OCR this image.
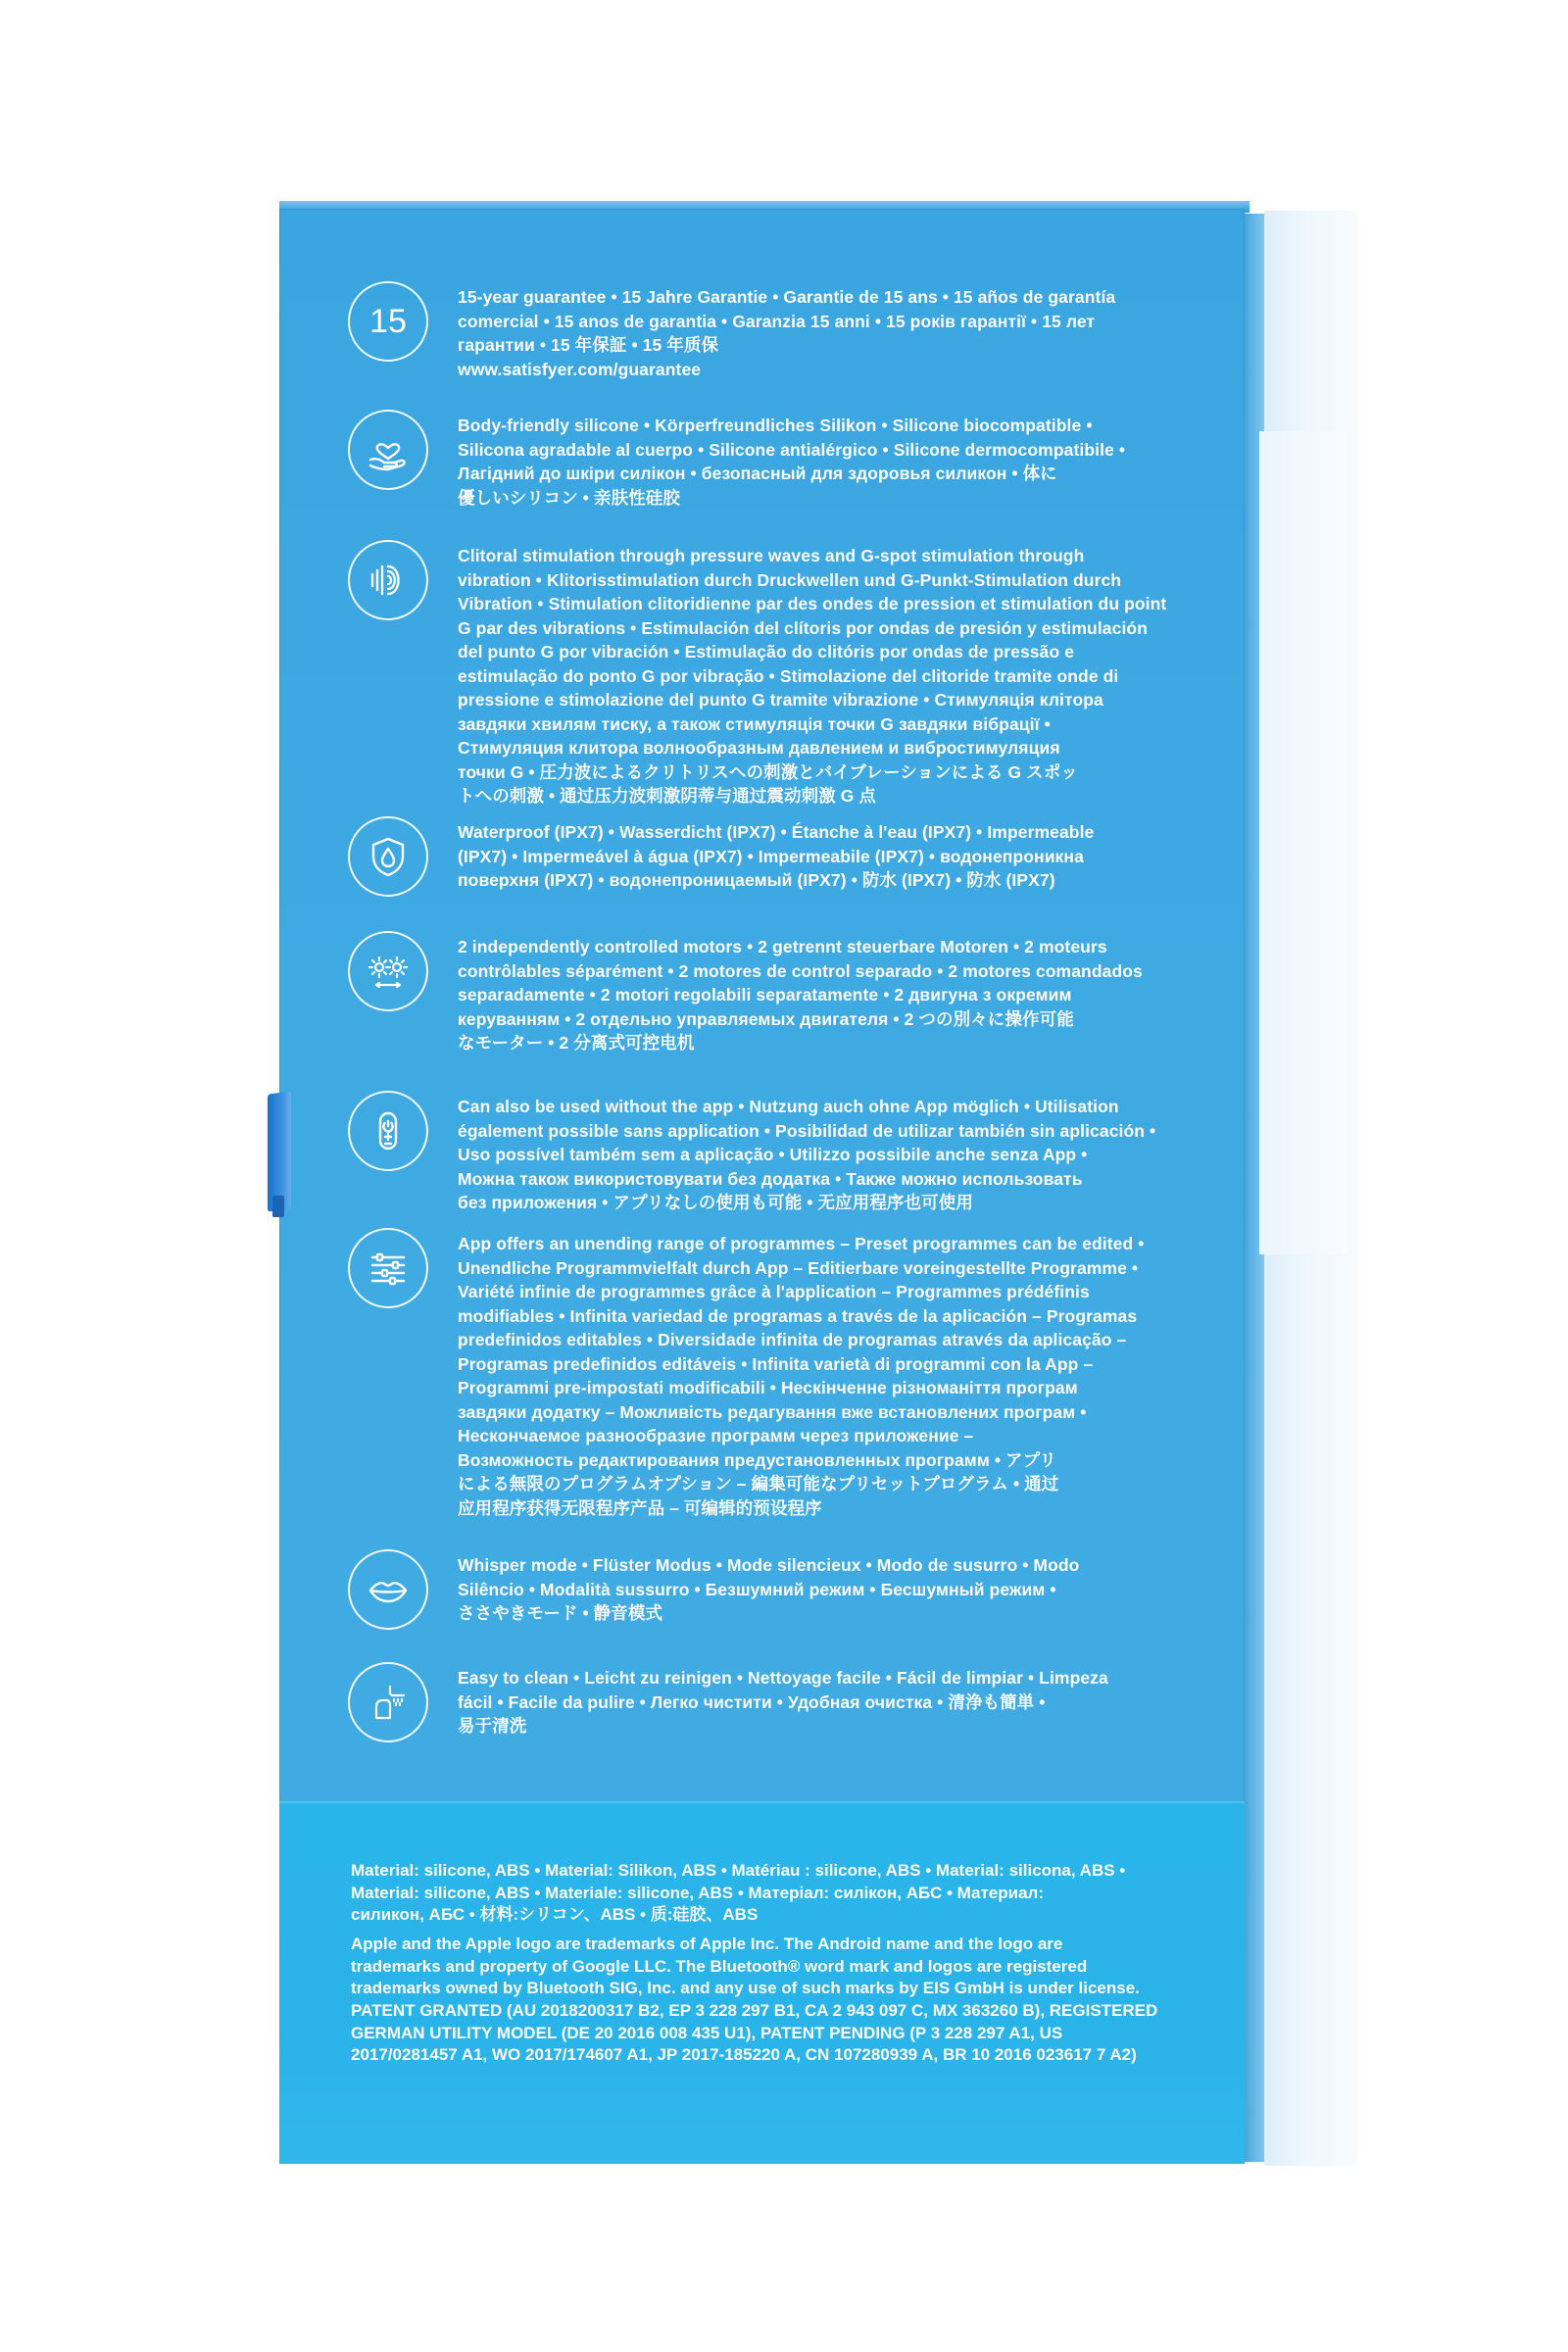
15
15-year guarantee • 15 Jahre Garantie • Garantie de 15 ans • 15 años de garantía
comercial • 15 anos de garantia • Garanzia 15 anni • 15 років гарантії • 15 лет
гарантии • 15 年保証 • 15 年质保
www.satisfyer.com/guarantee
Body-friendly silicone • Körperfreundliches Silikon • Silicone biocompatible •
Silicona agradable al cuerpo • Silicone antialérgico • Silicone dermocompatibile •
Лагідний до шкіри силікон • безопасный для здоровья силикон • 体に
優しいシリコン • 亲肤性硅胶
Clitoral stimulation through pressure waves and G-spot stimulation through
vibration • Klitorisstimulation durch Druckwellen und G-Punkt-Stimulation durch
Vibration • Stimulation clitoridienne par des ondes de pression et stimulation du point
G par des vibrations • Estimulación del clítoris por ondas de presión y estimulación
del punto G por vibración • Estimulação do clitóris por ondas de pressão e
estimulação do ponto G por vibração • Stimolazione del clitoride tramite onde di
pressione e stimolazione del punto G tramite vibrazione • Стимуляція клітора
завдяки хвилям тиску, а також стимуляція точки G завдяки вібрації •
Стимуляция клитора волнообразным давлением и вибростимуляция
точки G • 圧力波によるクリトリスへの刺激とバイブレーションによる G スポッ
トへの刺激 • 通过压力波刺激阴蒂与通过震动刺激 G 点
Waterproof (IPX7) • Wasserdicht (IPX7) • Étanche à l'eau (IPX7) • Impermeable
(IPX7) • Impermeável à água (IPX7) • Impermeabile (IPX7) • водонепроникна
поверхня (IPX7) • водонепроницаемый (IPX7) • 防水 (IPX7) • 防水 (IPX7)
2 independently controlled motors • 2 getrennt steuerbare Motoren • 2 moteurs
contrôlables séparément • 2 motores de control separado • 2 motores comandados
separadamente • 2 motori regolabili separatamente • 2 двигуна з окремим
керуванням • 2 отдельно управляемых двигателя • 2 つの別々に操作可能
なモーター • 2 分离式可控电机
Can also be used without the app • Nutzung auch ohne App möglich • Utilisation
également possible sans application • Posibilidad de utilizar también sin aplicación •
Uso possível também sem a aplicação • Utilizzo possibile anche senza App •
Можна також використовувати без додатка • Также можно использовать
без приложения • アプリなしの使用も可能 • 无应用程序也可使用
App offers an unending range of programmes – Preset programmes can be edited •
Unendliche Programmvielfalt durch App – Editierbare voreingestellte Programme •
Variété infinie de programmes grâce à l'application – Programmes prédéfinis
modifiables • Infinita variedad de programas a través de la aplicación – Programas
predefinidos editables • Diversidade infinita de programas através da aplicação –
Programas predefinidos editáveis • Infinita varietà di programmi con la App –
Programmi pre-impostati modificabili • Нескінченне різноманіття програм
завдяки додатку – Можливість редагування вже встановлених програм •
Нескончаемое разнообразие программ через приложение –
Возможность редактирования предустановленных программ • アプリ
による無限のプログラムオプション – 編集可能なプリセットプログラム • 通过
应用程序获得无限程序产品 – 可编辑的预设程序
Whisper mode • Flüster Modus • Mode silencieux • Modo de susurro • Modo
Silêncio • Modalità sussurro • Безшумний режим • Бесшумный режим •
ささやきモード • 静音模式
Easy to clean • Leicht zu reinigen • Nettoyage facile • Fácil de limpiar • Limpeza
fácil • Facile da pulire • Легко чистити • Удобная очистка • 清浄も簡単 •
易于清洗
Material: silicone, ABS • Material: Silikon, ABS • Matériau : silicone, ABS • Material: silicona, ABS •
Material: silicone, ABS • Materiale: silicone, ABS • Матеріал: силікон, АБС • Материал:
силикон, АБС • 材料:シリコン、ABS • 质:硅胶、ABS
Apple and the Apple logo are trademarks of Apple Inc. The Android name and the logo are
trademarks and property of Google LLC. The Bluetooth® word mark and logos are registered
trademarks owned by Bluetooth SIG, Inc. and any use of such marks by EIS GmbH is under license.
PATENT GRANTED (AU 2018200317 B2, EP 3 228 297 B1, CA 2 943 097 C, MX 363260 B), REGISTERED
GERMAN UTILITY MODEL (DE 20 2016 008 435 U1), PATENT PENDING (P 3 228 297 A1, US
2017/0281457 A1, WO 2017/174607 A1, JP 2017-185220 A, CN 107280939 A, BR 10 2016 023617 7 A2)
